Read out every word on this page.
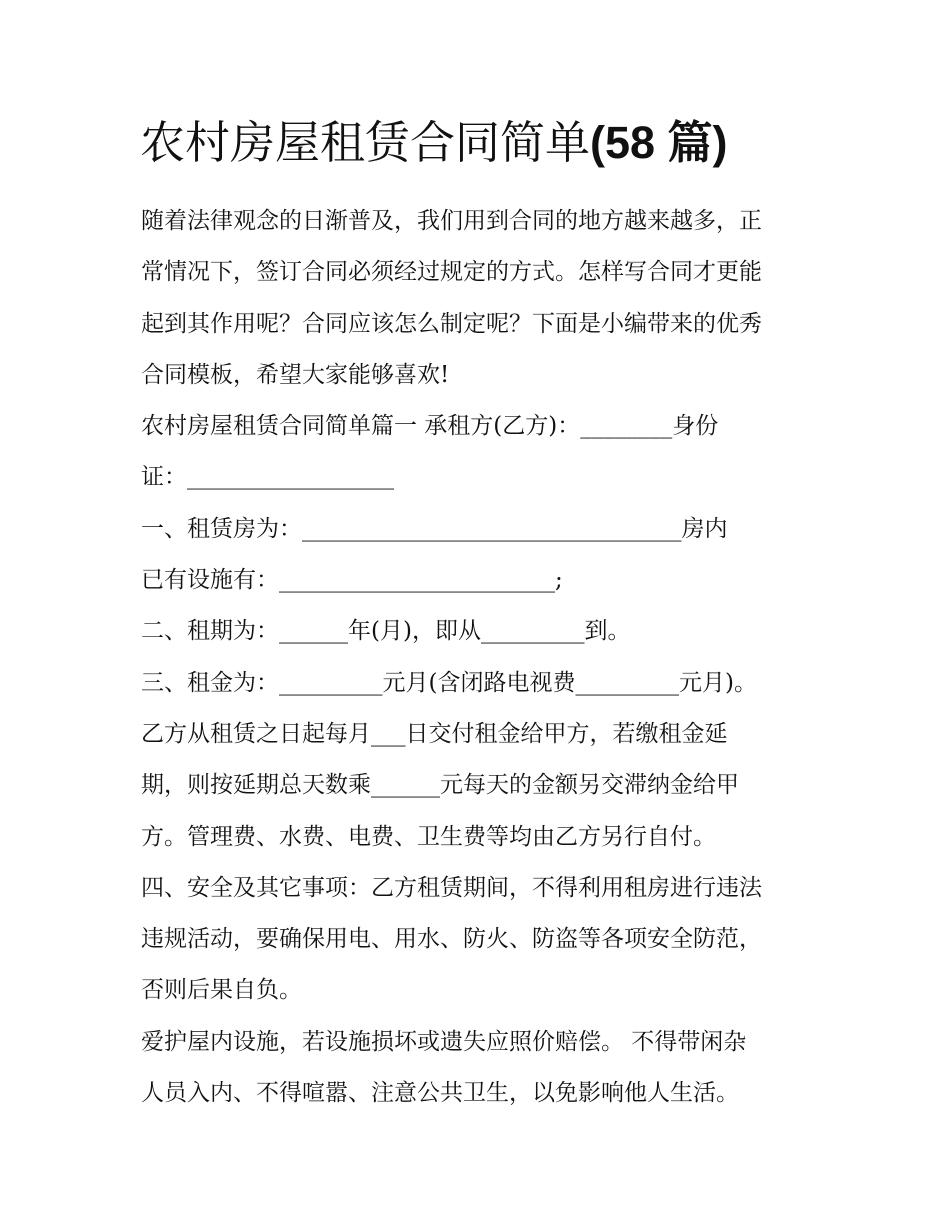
农村房屋租赁合同简单(58 篇)
随着法律观念的日渐普及，我们用到合同的地方越来越多，正
常情况下，签订合同必须经过规定的方式。怎样写合同才更能
起到其作用呢？合同应该怎么制定呢？下面是小编带来的优秀
合同模板，希望大家能够喜欢!
农村房屋租赁合同简单篇一 承租方(乙方)：________身份
证：__________________
一、租赁房为：_________________________________房内
已有设施有：________________________;
二、租期为：______年(月)，即从_________到。
三、租金为：_________元月(含闭路电视费_________元月)。
乙方从租赁之日起每月___日交付租金给甲方，若缴租金延
期，则按延期总天数乘______元每天的金额另交滞纳金给甲
方。管理费、水费、电费、卫生费等均由乙方另行自付。
四、安全及其它事项：乙方租赁期间，不得利用租房进行违法
违规活动，要确保用电、用水、防火、防盗等各项安全防范，
否则后果自负。
爱护屋内设施，若设施损坏或遗失应照价赔偿。 不得带闲杂
人员入内、不得喧嚣、注意公共卫生，以免影响他人生活。
